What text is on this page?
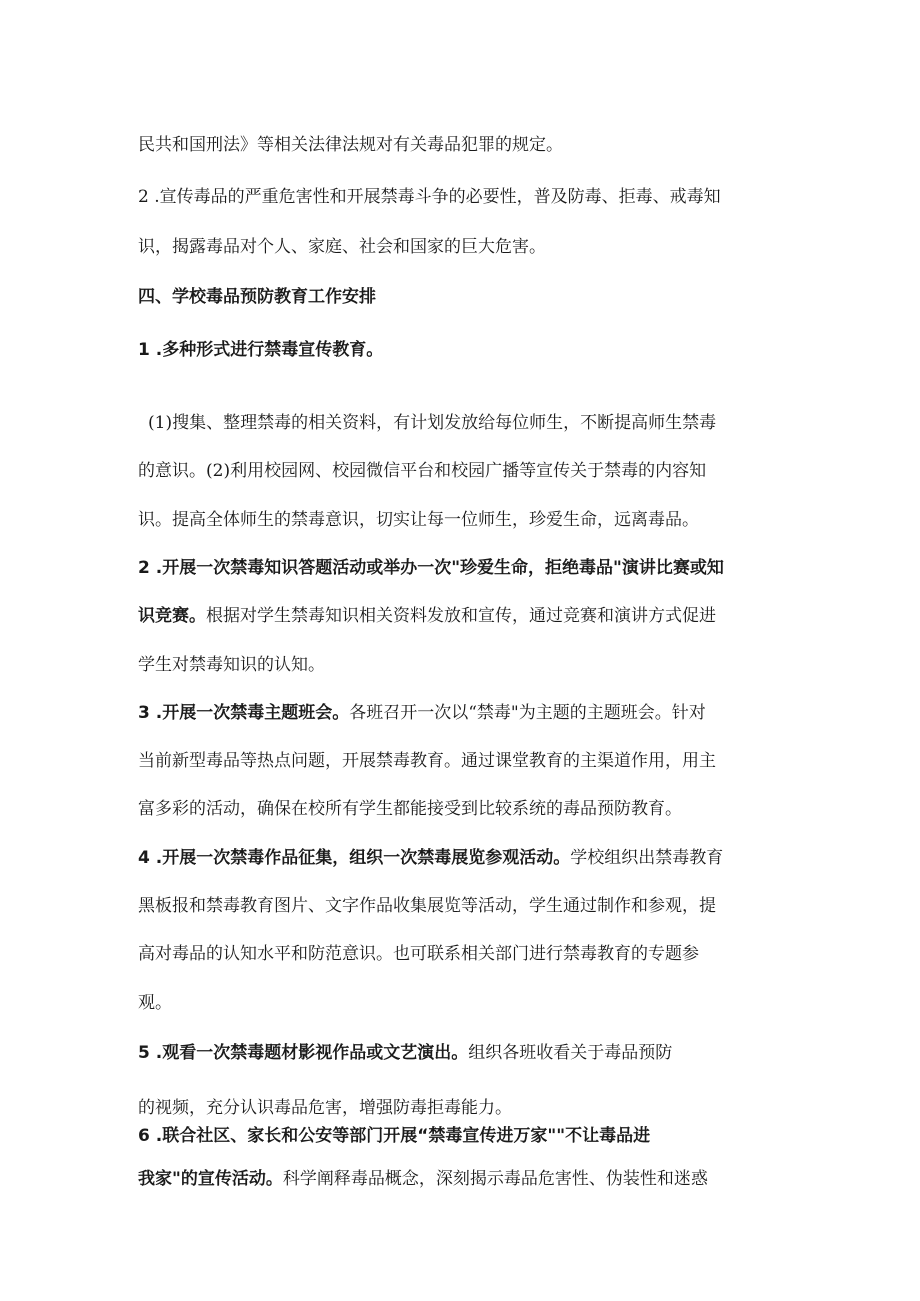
民共和国刑法》等相关法律法规对有关毒品犯罪的规定。
2 .宣传毒品的严重危害性和开展禁毒斗争的必要性，普及防毒、拒毒、戒毒知
识，揭露毒品对个人、家庭、社会和国家的巨大危害。
四、学校毒品预防教育工作安排
1 .多种形式进行禁毒宣传教育。
(1)搜集、整理禁毒的相关资料，有计划发放给每位师生，不断提高师生禁毒
的意识。(2)利用校园网、校园微信平台和校园广播等宣传关于禁毒的内容知
识。提高全体师生的禁毒意识，切实让每一位师生，珍爱生命，远离毒品。
2 .开展一次禁毒知识答题活动或举办一次"珍爱生命，拒绝毒品"演讲比赛或知
识竞赛。根据对学生禁毒知识相关资料发放和宣传，通过竞赛和演讲方式促进
学生对禁毒知识的认知。
3 .开展一次禁毒主题班会。各班召开一次以“禁毒"为主题的主题班会。针对
当前新型毒品等热点问题，开展禁毒教育。通过课堂教育的主渠道作用，用主
富多彩的活动，确保在校所有学生都能接受到比较系统的毒品预防教育。
4 .开展一次禁毒作品征集，组织一次禁毒展览参观活动。学校组织出禁毒教育
黑板报和禁毒教育图片、文字作品收集展览等活动，学生通过制作和参观，提
高对毒品的认知水平和防范意识。也可联系相关部门进行禁毒教育的专题参
观。
5 .观看一次禁毒题材影视作品或文艺演出。组织各班收看关于毒品预防
的视频，充分认识毒品危害，增强防毒拒毒能力。
6 .联合社区、家长和公安等部门开展“禁毒宣传进万家""不让毒品进
我家"的宣传活动。科学阐释毒品概念，深刻揭示毒品危害性、伪装性和迷惑
